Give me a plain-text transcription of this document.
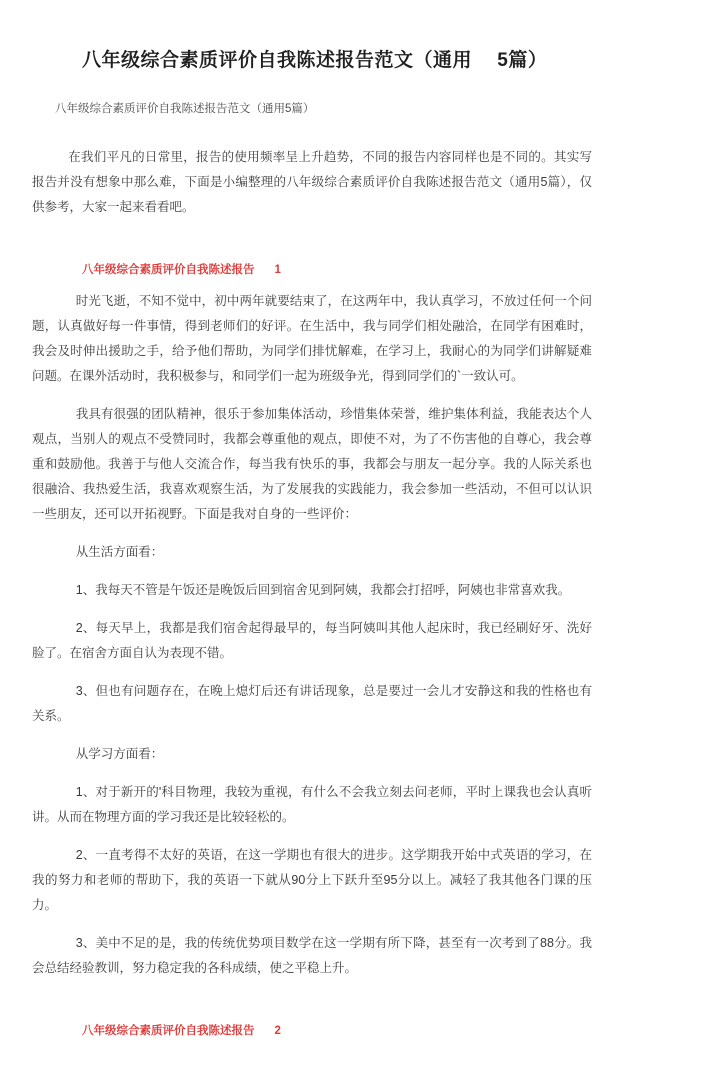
八年级综合素质评价自我陈述报告范文（通用　 5篇）
八年级综合素质评价自我陈述报告范文（通用5篇）

在我们平凡的日常里，报告的使用频率呈上升趋势，不同的报告内容同样也是不同的。其实写报告并没有想象中那么难，下面是小编整理的八年级综合素质评价自我陈述报告范文（通用5篇），仅供参考，大家一起来看看吧。

八年级综合素质评价自我陈述报告 1

时光飞逝，不知不觉中，初中两年就要结束了，在这两年中，我认真学习，不放过任何一个问题，认真做好每一件事情，得到老师们的好评。在生活中，我与同学们相处融洽，在同学有困难时，我会及时伸出援助之手，给予他们帮助，为同学们排忧解难，在学习上，我耐心的为同学们讲解疑难问题。在课外活动时，我积极参与，和同学们一起为班级争光，得到同学们的`一致认可。

我具有很强的团队精神，很乐于参加集体活动，珍惜集体荣誉，维护集体利益，我能表达个人观点，当别人的观点不受赞同时，我都会尊重他的观点，即使不对，为了不伤害他的自尊心，我会尊重和鼓励他。我善于与他人交流合作，每当我有快乐的事，我都会与朋友一起分享。我的人际关系也很融洽、我热爱生活，我喜欢观察生活，为了发展我的实践能力，我会参加一些活动，不但可以认识一些朋友，还可以开拓视野。下面是我对自身的一些评价：

从生活方面看：

1、我每天不管是午饭还是晚饭后回到宿舍见到阿姨，我都会打招呼，阿姨也非常喜欢我。

2、每天早上，我都是我们宿舍起得最早的，每当阿姨叫其他人起床时，我已经刷好牙、洗好脸了。在宿舍方面自认为表现不错。

3、但也有问题存在，在晚上熄灯后还有讲话现象，总是要过一会儿才安静这和我的性格也有关系。

从学习方面看：

1、对于新开的'科目物理，我较为重视，有什么不会我立刻去问老师，平时上课我也会认真听讲。从而在物理方面的学习我还是比较轻松的。

2、一直考得不太好的英语，在这一学期也有很大的进步。这学期我开始中式英语的学习，在我的努力和老师的帮助下，我的英语一下就从90分上下跃升至95分以上。减轻了我其他各门课的压力。

3、美中不足的是，我的传统优势项目数学在这一学期有所下降，甚至有一次考到了88分。我会总结经验教训，努力稳定我的各科成绩，使之平稳上升。

八年级综合素质评价自我陈述报告 2
